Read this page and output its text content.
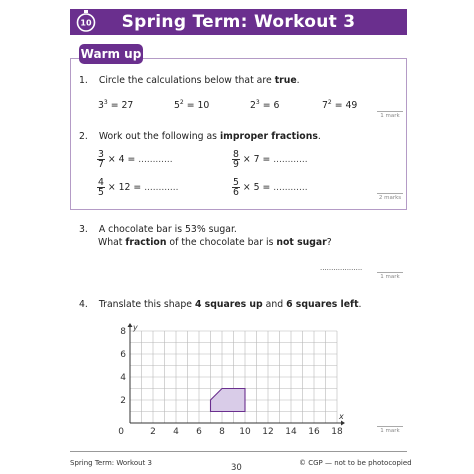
Spring Term: Workout 3
10
Warm up
1. Circle the calculations below that are true.
$3^3 = 27$	$5^2 = 10$	$2^3 = 6$	$7^2 = 49$
1 mark
2. Work out the following as improper fractions.
$\frac{3}{7} \times 4$ = ............	$\frac{8}{9} \times 7$ = ............
$\frac{4}{5} \times 12$ = ............	$\frac{5}{6} \times 5$ = ............
2 marks
3. A chocolate bar is 53% sugar.
What fraction of the chocolate bar is not sugar?
...................
1 mark
4. Translate this shape 4 squares up and 6 squares left.
x
y
2 4 6 8 10 12 14 16 18
2
4
6
8
0	1 mark
Spring Term: Workout 3	30	© CGP — not to be photocopied
